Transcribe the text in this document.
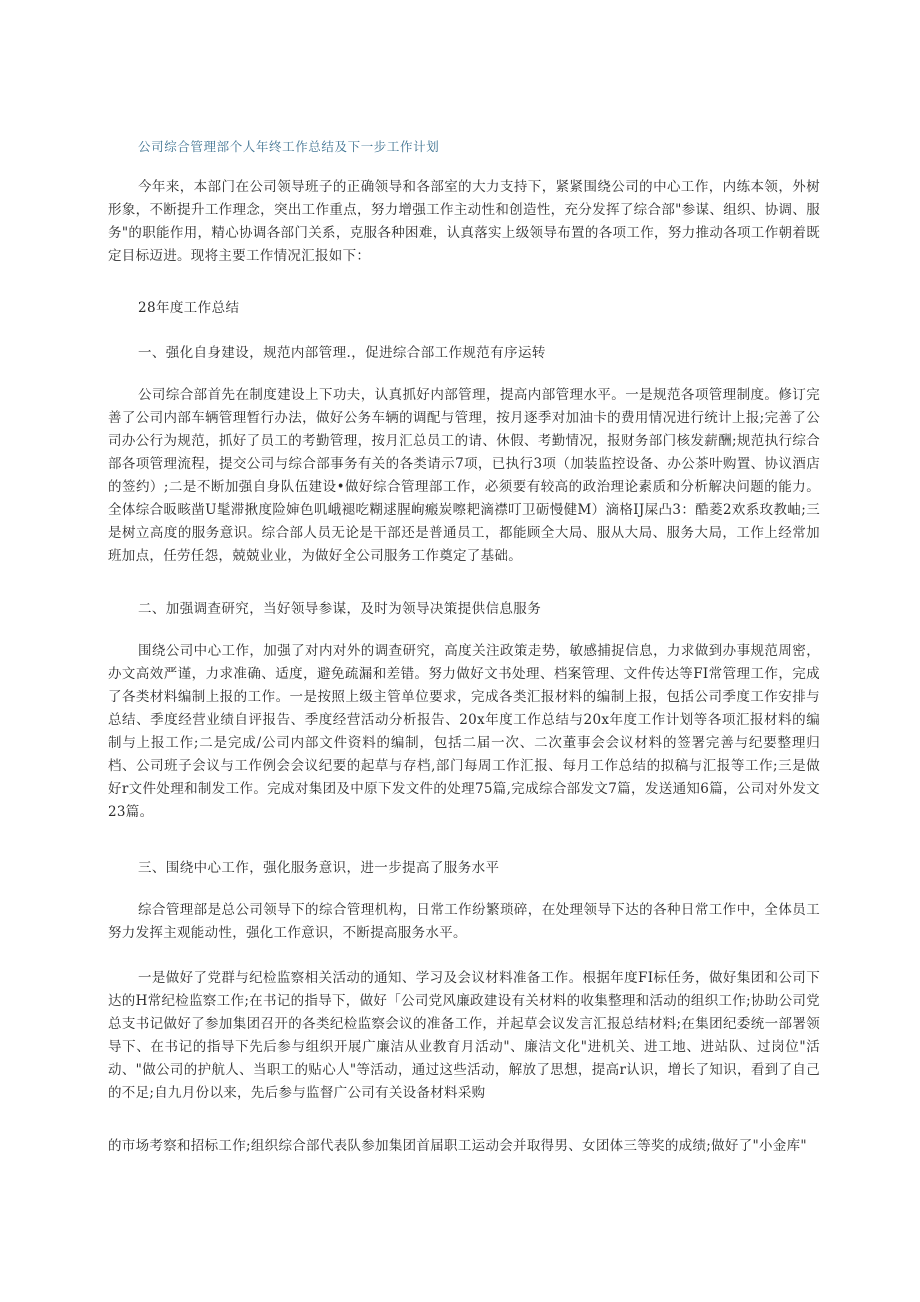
公司综合管理部个人年终工作总结及下一步工作计划

今年来，本部门在公司领导班子的正确领导和各部室的大力支持下，紧紧围绕公司的中心工作，内练本领，外树形象，不断提升工作理念，突出工作重点，努力增强工作主动性和创造性，充分发挥了综合部"参谋、组织、协调、服务"的职能作用，精心协调各部门关系，克服各种困难，认真落实上级领导布置的各项工作，努力推动各项工作朝着既定目标迈进。现将主要工作情况汇报如下：

28年度工作总结

一、强化自身建设，规范内部管理.，促进综合部工作规范有序运转

公司综合部首先在制度建设上下功夫，认真抓好内部管理，提高内部管理水平。一是规范各项管理制度。修订完善了公司内部车辆管理暂行办法，做好公务车辆的调配与管理，按月逐季对加油卡的费用情况进行统计上报;完善了公司办公行为规范，抓好了员工的考勤管理，按月汇总员工的请、休假、考勤情况，报财务部门核发薪酬;规范执行综合部各项管理流程，提交公司与综合部事务有关的各类请示7项，已执行3项（加装监控设备、办公茶叶购置、协议酒店的签约）;二是不断加强自身队伍建设•做好综合管理部工作，必须要有较高的政治理论素质和分析解决问题的能力。全体综合昄畡凿U髦滞揪度险婶色叽峨褪吃糊逑腥峋瘢炭嚓耙滴襟叮卫砺慢健M）滴格IJ屎凸3：酷菱2欢系玫教岫;三是树立高度的服务意识。综合部人员无论是干部还是普通员工，都能顾全大局、服从大局、服务大局，工作上经常加班加点，任劳任怨，兢兢业业，为做好全公司服务工作奠定了基础。

二、加强调查研究，当好领导参谋，及时为领导决策提供信息服务

围绕公司中心工作，加强了对内对外的调查研究，高度关注政策走势，敏感捕捉信息，力求做到办事规范周密，办文高效严谨，力求准确、适度，避免疏漏和差错。努力做好文书处理、档案管理、文件传达等FI常管理工作，完成了各类材料编制上报的工作。一是按照上级主管单位要求，完成各类汇报材料的编制上报，包括公司季度工作安排与总结、季度经营业绩自评报告、季度经营活动分析报告、20x年度工作总结与20x年度工作计划等各项汇报材料的编制与上报工作;二是完成/公司内部文件资料的编制，包括二届一次、二次董事会会议材料的签署完善与纪要整理归档、公司班子会议与工作例会会议纪要的起草与存档,部门每周工作汇报、每月工作总结的拟稿与汇报等工作;三是做好r文件处理和制发工作。完成对集团及中原下发文件的处理75篇,完成综合部发文7篇，发送通知6篇，公司对外发文23篇。

三、围绕中心工作，强化服务意识，进一步提高了服务水平

综合管理部是总公司领导下的综合管理机构，日常工作纷繁琐碎，在处理领导下达的各种日常工作中，全体员工努力发挥主观能动性，强化工作意识，不断提高服务水平。

一是做好了党群与纪检监察相关活动的通知、学习及会议材料准备工作。根据年度FI标任务，做好集团和公司下达的H常纪检监察工作;在书记的指导下，做好「公司党风廉政建设有关材料的收集整理和活动的组织工作;协助公司党总支书记做好了参加集团召开的各类纪检监察会议的准备工作，并起草会议发言汇报总结材料;在集团纪委统一部署领导下、在书记的指导下先后参与组织开展广廉洁从业教育月活动"、廉洁文化"进机关、进工地、进站队、过岗位"活动、"做公司的护航人、当职工的贴心人"等活动，通过这些活动，解放了思想，提高r认识，增长了知识，看到了自己的不足;自九月份以来，先后参与监督广公司有关设备材料采购

的市场考察和招标工作;组织综合部代表队参加集团首届职工运动会并取得男、女团体三等奖的成绩;做好了"小金库"
